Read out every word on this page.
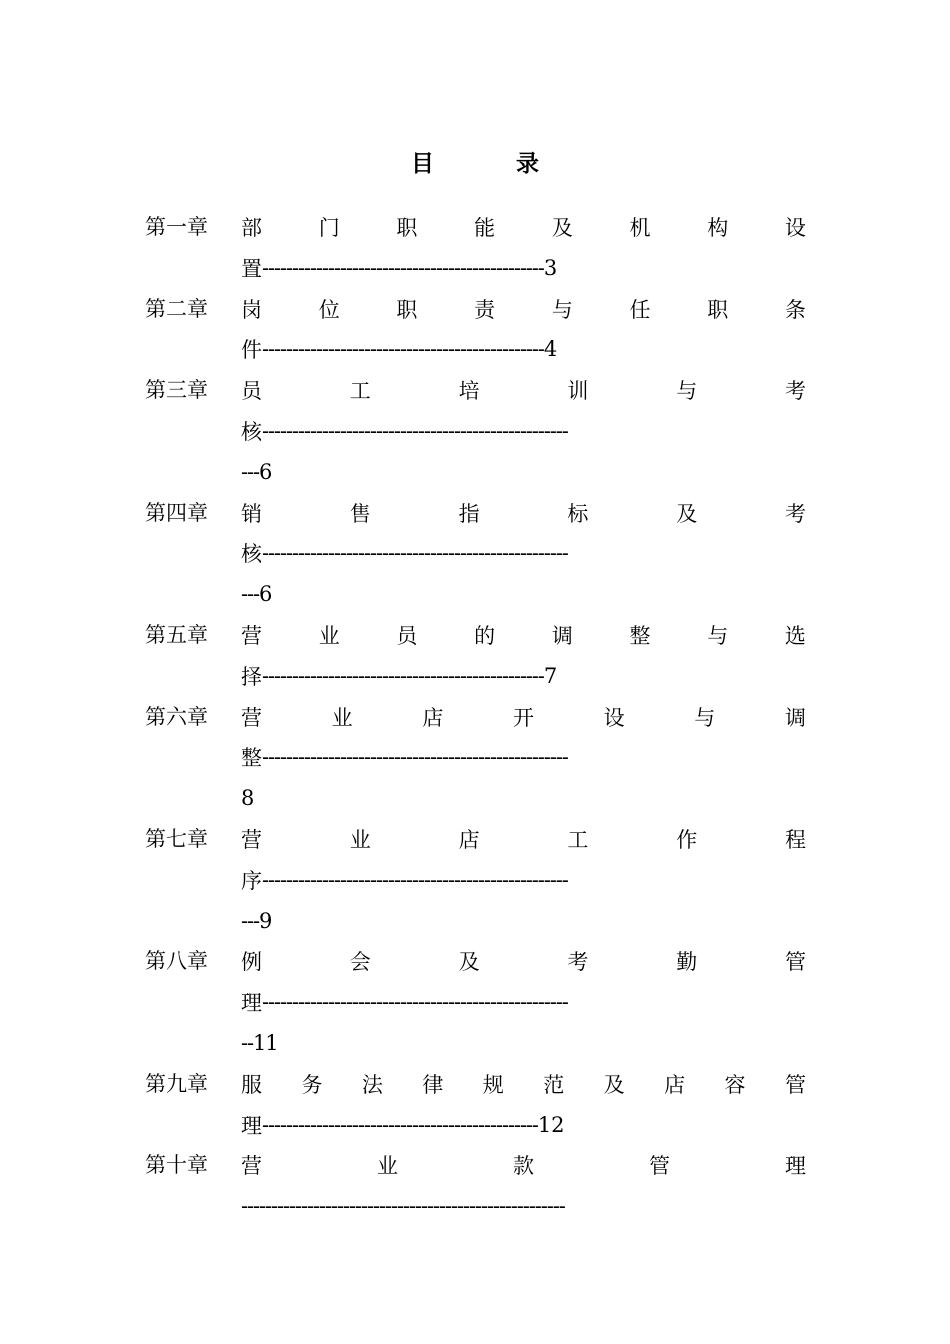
目	录
第一章 部	门	职	能	及	机	构	设
置 ----------------------------------------------- 3
第二章 岗	位	职	责	与	任	职	条
件 ----------------------------------------------- 4
第三章 员	工	培	训	与	考
核 ---------------------------------------------------
---6
第四章 销	售	指	标	及	考
核 ---------------------------------------------------
---6
第五章 营	业	员	的	调	整	与	选
择 ----------------------------------------------- 7
第六章 营	业	店	开	设	与	调
整 ---------------------------------------------------
8
第七章 营	业	店	工	作	程
序 ---------------------------------------------------
---9
第八章 例	会	及	考	勤	管
理 ---------------------------------------------------
--11
第九章 服 务 法 律 规 范 及 店 容 管
理 ---------------------------------------------- 12
第十章 营	业	款	管	理
------------------------------------------------------
